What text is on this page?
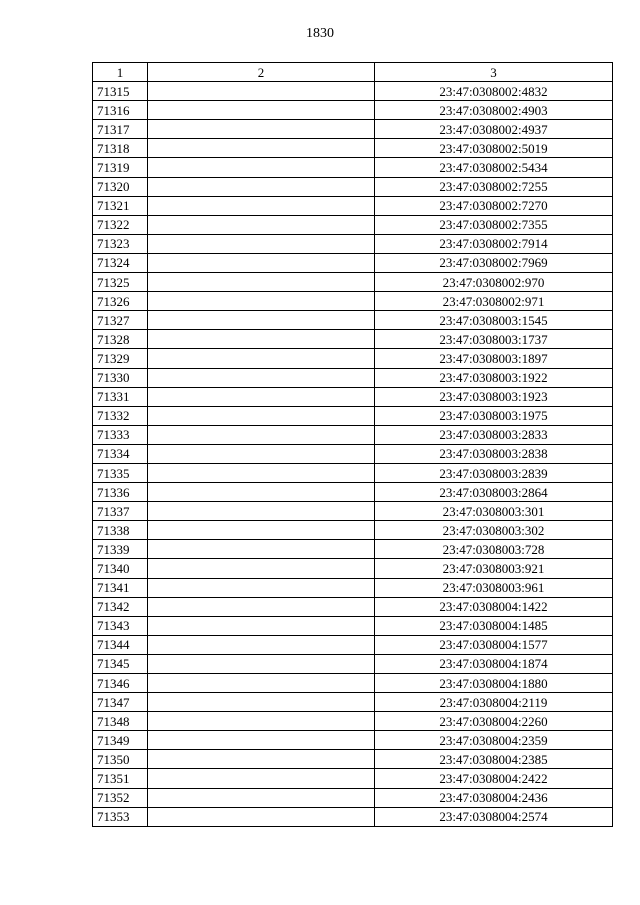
1830
1	2	3
71315		23:47:0308002:4832
71316		23:47:0308002:4903
71317		23:47:0308002:4937
71318		23:47:0308002:5019
71319		23:47:0308002:5434
71320		23:47:0308002:7255
71321		23:47:0308002:7270
71322		23:47:0308002:7355
71323		23:47:0308002:7914
71324		23:47:0308002:7969
71325		23:47:0308002:970
71326		23:47:0308002:971
71327		23:47:0308003:1545
71328		23:47:0308003:1737
71329		23:47:0308003:1897
71330		23:47:0308003:1922
71331		23:47:0308003:1923
71332		23:47:0308003:1975
71333		23:47:0308003:2833
71334		23:47:0308003:2838
71335		23:47:0308003:2839
71336		23:47:0308003:2864
71337		23:47:0308003:301
71338		23:47:0308003:302
71339		23:47:0308003:728
71340		23:47:0308003:921
71341		23:47:0308003:961
71342		23:47:0308004:1422
71343		23:47:0308004:1485
71344		23:47:0308004:1577
71345		23:47:0308004:1874
71346		23:47:0308004:1880
71347		23:47:0308004:2119
71348		23:47:0308004:2260
71349		23:47:0308004:2359
71350		23:47:0308004:2385
71351		23:47:0308004:2422
71352		23:47:0308004:2436
71353		23:47:0308004:2574
